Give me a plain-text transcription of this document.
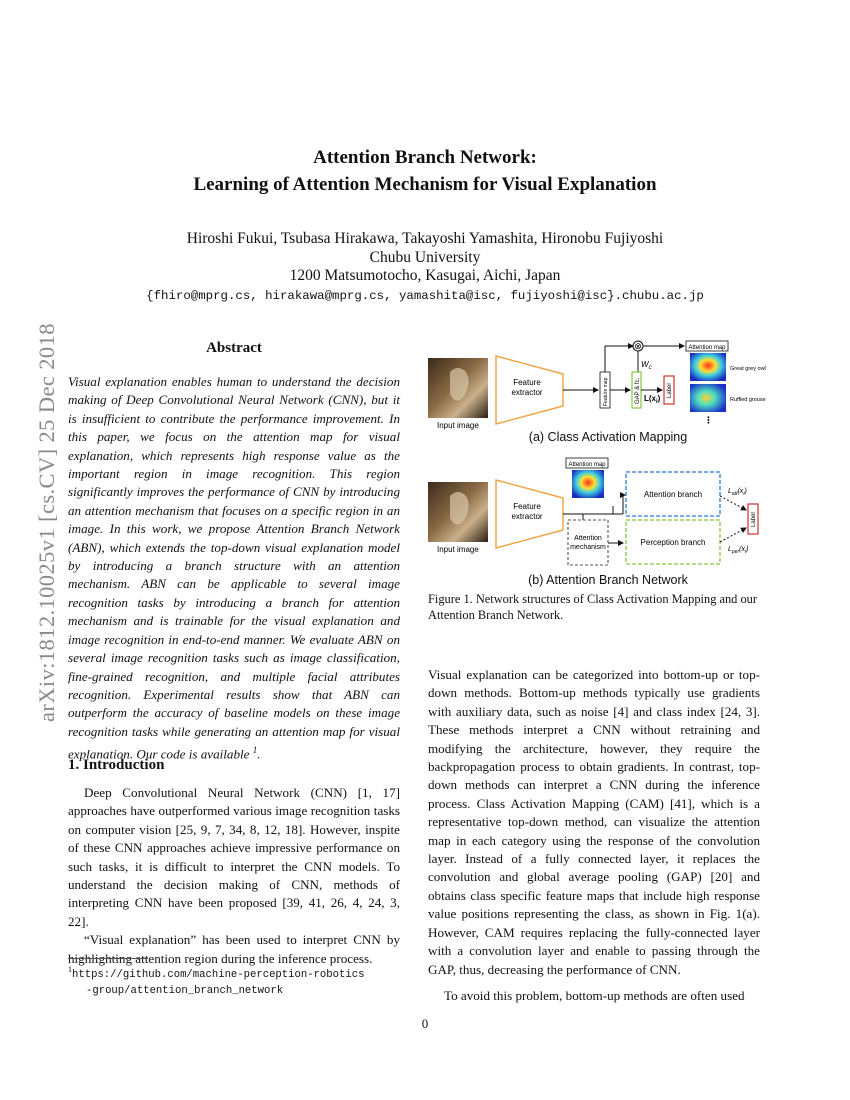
arXiv:1812.10025v1 [cs.CV] 25 Dec 2018
Attention Branch Network:
Learning of Attention Mechanism for Visual Explanation
Hiroshi Fukui, Tsubasa Hirakawa, Takayoshi Yamashita, Hironobu Fujiyoshi
Chubu University
1200 Matsumotocho, Kasugai, Aichi, Japan
{fhiro@mprg.cs, hirakawa@mprg.cs, yamashita@isc, fujiyoshi@isc}.chubu.ac.jp
Abstract

Visual explanation enables human to understand the decision making of Deep Convolutional Neural Network (CNN), but it is insufficient to contribute the performance improvement. In this paper, we focus on the attention map for visual explanation, which represents high response value as the important region in image recognition. This region significantly improves the performance of CNN by introducing an attention mechanism that focuses on a specific region in an image. In this work, we propose Attention Branch Network (ABN), which extends the top-down visual explanation model by introducing a branch structure with an attention mechanism. ABN can be applicable to several image recognition tasks by introducing a branch for attention mechanism and is trainable for the visual explanation and image recognition in end-to-end manner. We evaluate ABN on several image recognition tasks such as image classification, fine-grained recognition, and multiple facial attributes recognition. Experimental results show that ABN can outperform the accuracy of baseline models on these image recognition tasks while generating an attention map for visual explanation. Our code is available $^1$.

1. Introduction

Deep Convolutional Neural Network (CNN) [1, 17] approaches have outperformed various image recognition tasks on computer vision [25, 9, 7, 34, 8, 12, 18]. However, inspite of these CNN approaches achieve impressive performance on such tasks, it is difficult to interpret the CNN models. To understand the decision making of CNN, methods of interpreting CNN have been proposed [39, 41, 26, 4, 24, 3, 22].

“Visual explanation” has been used to interpret CNN by highlighting attention region during the inference process.

$^1$https://github.com/machine-perception-robotics
-group/attention_branch_network
Input image
Feature
extractor	Feature map
⊗
$W_c$
GAP & fc. $L(x_i)$
Label
Attention map
Great grey owl
Ruffled grouse
⋮
Input image
Feature
extractor
Attention map
Attention
mechanism
Attention branch
Perception branch
Label
$L_{att}(x_i)$
$L_{per}(x_i)$
(a) Class Activation Mapping
(b) Attention Branch Network
Figure 1. Network structures of Class Activation Mapping and our Attention Branch Network.

Visual explanation can be categorized into bottom-up or top-down methods. Bottom-up methods typically use gradients with auxiliary data, such as noise [4] and class index [24, 3]. These methods interpret a CNN without retraining and modifying the architecture, however, they require the backpropagation process to obtain gradients. In contrast, top-down methods can interpret a CNN during the inference process. Class Activation Mapping (CAM) [41], which is a representative top-down method, can visualize the attention map in each category using the response of the convolution layer. Instead of a fully connected layer, it replaces the convolution and global average pooling (GAP) [20] and obtains class specific feature maps that include high response value positions representing the class, as shown in Fig. 1(a). However, CAM requires replacing the fully-connected layer with a convolution layer and enable to passing through the GAP, thus, decreasing the performance of CNN.

To avoid this problem, bottom-up methods are often used

0
